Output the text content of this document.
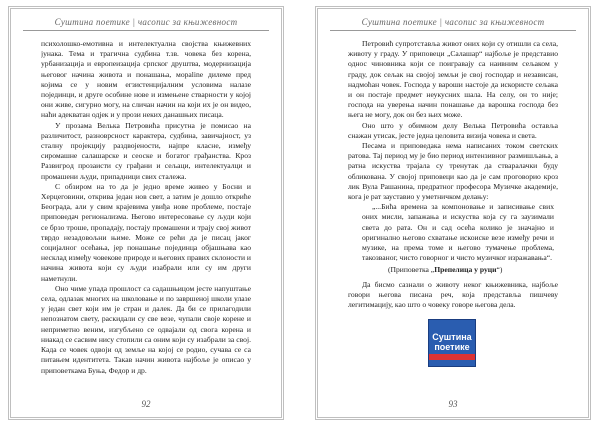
Суштина поетике | часопис за књижевност

психолошко-емотивна и интелектуална својства књижевних јунака. Тема и трагична судбина т.зв. човека без корена, урбанизација и европеизација српског друштва, модернизација његовог начина живота и понашања, мораline дилеме пред којима се у новим егзистенцијалним условима налазе појединци, и друге особине нове и измењене стварности у којој они живе, сигурно могу, на сличан начин на који их је он видео, наћи адекватан одјек и у прози неких данашњих писаца.

У прозама Велька Петровића присутна је помисао на различитост, разноврсност карактера, судбина, завичајност, уз сталну пројекцију раздвојености, најпре класне, између сиромашне салашарске и сеоске и богатог грађанства. Кроз Развигрoд прозаисти су грађани и сељаци, интелектуалци и промашени људи, припадници свих сталежа.

С обзиром на то да је једно време живео у Босни и Херцеговини, открива један нов свет, а затим је дошло откриће Београда, али у свим крајевима увиђа нове проблеме, постаје приповедач регионализма. Његово интересовање су људи који се брзо троше, пропадају, постају промашени и трају свој живот тврдо незадовољни њиме. Може се рећи да је писац јаког социјалног осећања, јер понашање појединца објашњава као несклад између човекове природе и његових правих склоности и начина живота који су људи изабрали или су им други наметнули.

Оно чиме упада прошлост са садашњицом јесте напуштање села, одлазак многих на школовање и по завршеној школи улазе у један свет који им је стран и далек. Да би се прилагодили непознатом свету, раскидали су све везе, чупали своје корене и неприметно веним, изгубљено се одвајали од свога корена и ниакад се сасвим нису стопили са оним који су изабрали за свој. Када се човек одвоји од земље на којој се родио, сучава се са питањем идентитета. Такав начин живота најбоље је описао у приповеткама Буња, Федор и др.

92
Суштина поетике | часопис за књижевност

Петровић супротставља живот оних који су отишли са села, животу у граду. У приповеци „Салашар“ најбоље је представио однос чиновника који се поигравају са нaивним сељаком у граду, док сељак на својој земљи је свој господар и независан, надмоћан човек. Господа у варoши настоје да искористе сељака и он постаје предмет неукусних шала. На селу, он то није; господа на уверења начин понашање да варошка господа без њега не могу, док он без њих може.

Оно што у обимном делу Велька Петровића оставља снажан утисак, јесте једна целовита визија човека и света.

Песама и приповедака нема написаних током светских ратова. Тај период му је био период интензивног размишљања, а ратна искуства трајала су тренутак да стваралачки буду обликована. У својој приповеци као да је сам проговорио кроз лик Вула Рашанина, предратног професора Музичке академије, кога је рат заустaвио у уметничком делању:

„...Бића времена за компоновање и записивање свих оних мисли, запажања и искуства која су га заузимали света до рата. Он и сад осећа колико је значајно и оригинално његово схватање искоиске везе између речи и музике, на према томе и његово тумачење проблема, тaкозваног, чисто говорног и чисто музичког изражавања“.

(Приповетка „Препелица у руци“)

Да бисмо сазнали о животу неког књижевника, најбоље говори његова писана реч, која представља пишчеву легитимацију, као што о човеку говоре његова дела.

Суштина
поетике
93
